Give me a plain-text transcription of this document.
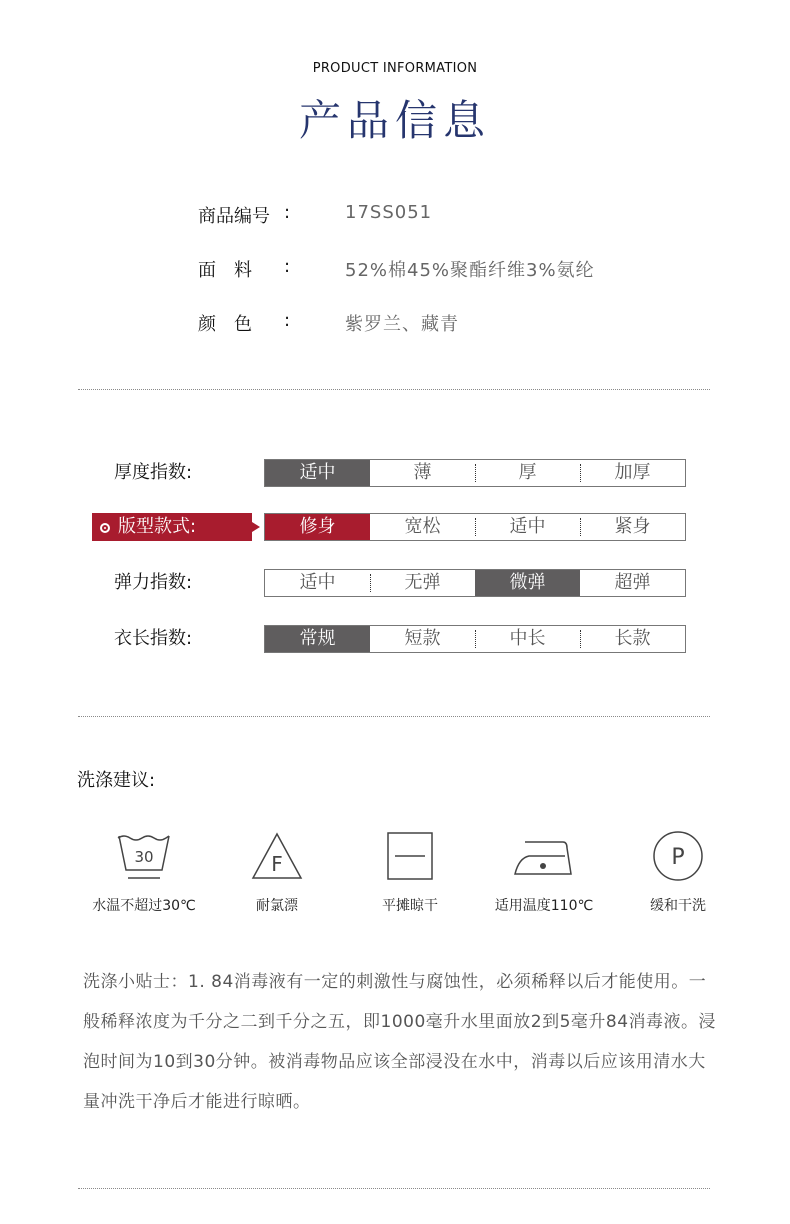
PRODUCT INFORMATION
产品信息
商品编号 :	17SS051
面　料	:	52%棉45%聚酯纤维3%氨纶
颜　色	:	紫罗兰、藏青
厚度指数:	适中	薄	厚	加厚
版型款式:	修身	宽松	适中	紧身
弹力指数:	适中	无弹	微弹	超弹
衣长指数:	常规	短款	中长	长款
洗涤建议:
30
水温不超过30℃
F
耐氯漂	平摊晾干	适用温度110℃
P
缓和干洗
洗涤小贴士：1. 84消毒液有一定的刺激性与腐蚀性，必须稀释以后才能使用。一般稀释浓度为千分之二到千分之五，即1000毫升水里面放2到5毫升84消毒液。浸泡时间为10到30分钟。被消毒物品应该全部浸没在水中，消毒以后应该用清水大量冲洗干净后才能进行晾晒。
